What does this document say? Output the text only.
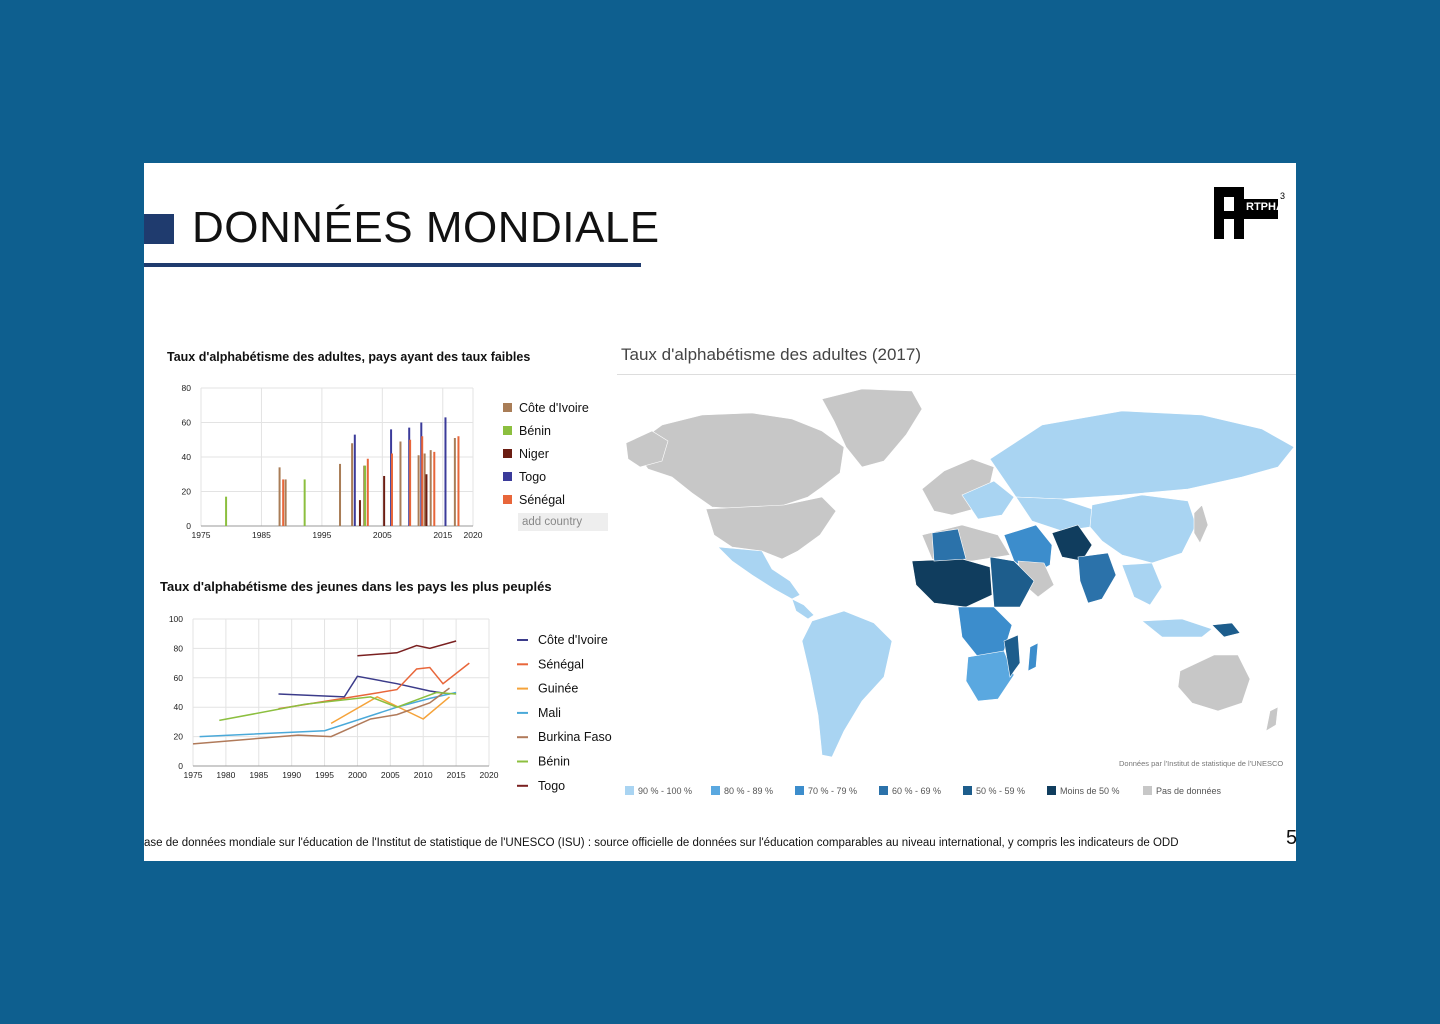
DONNÉES MONDIALE	RTPHA
3
Taux d'alphabétisme des adultes, pays ayant des taux faibles
0
20
40
60
80
1975	1985	1995	2005	2015 2020
Côte d'Ivoire
Bénin
Niger
Togo
Sénégal
add country
Taux d'alphabétisme des jeunes dans les pays les plus peuplés
0
20
40
60
80
100
1975 1980 1985 1990 1995 2000 2005 2010 2015 2020
Côte d'Ivoire
Sénégal
Guinée
Mali
Burkina Faso
Bénin
Togo
Taux d'alphabétisme des adultes (2017)
Données par l'Institut de statistique de l'UNESCO
90 % - 100 %	80 % - 89 %	70 % - 79 %	60 % - 69 %	50 % - 59 %	Moins de 50 %	Pas de données
ase de données mondiale sur l'éducation de l'Institut de statistique de l'UNESCO (ISU) : source officielle de données sur l'éducation comparables au niveau international, y compris les indicateurs de ODD	5
